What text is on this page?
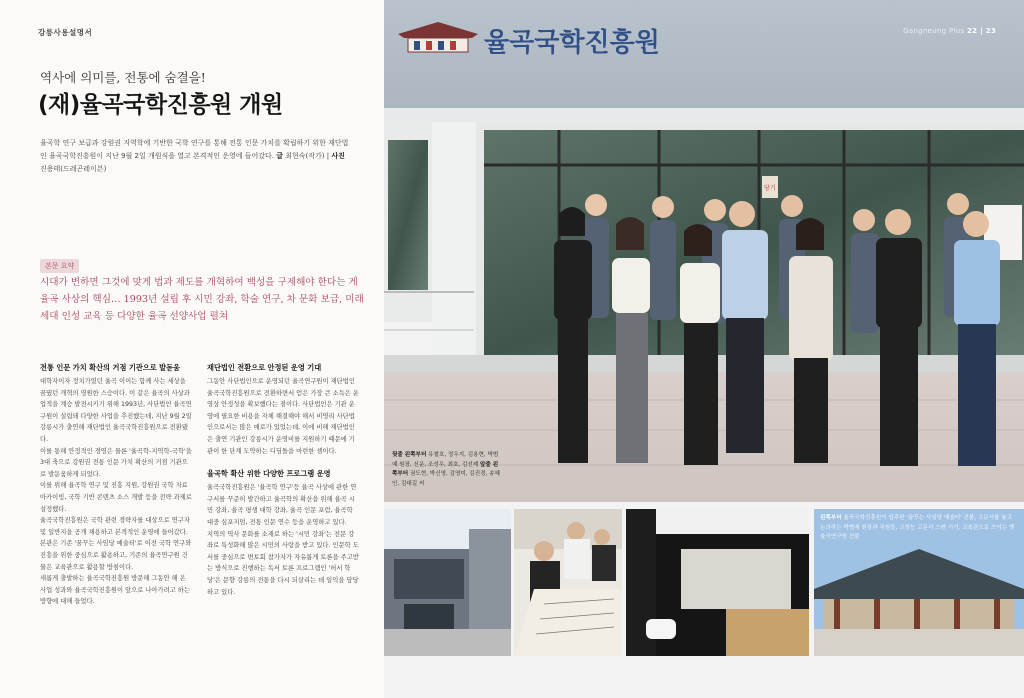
강릉사용설명서
역사에 의미를, 전통에 숨결을!
(재)율곡국학진흥원 개원
율곡학 연구 보급과 강원권 지역학에 기반한 국학 연구를 통해 전통 인문 가치를 확립하기 위한 재단법인 율곡국학진흥원이 지난 9월 2일 개원식을 열고 본격적인 운영에 들어갔다. 글 최현숙(작가) | 사진 진용태(드레곤레이븐)
본문 요약
시대가 변하면 그것에 맞게 법과 제도를 개혁하여 백성을 구제해야 한다는 게 율곡 사상의 핵심… 1993년 설립 후 시민 강좌, 학술 연구, 차 문화 보급, 미래 세대 인성 교육 등 다양한 율곡 선양사업 펼쳐
전통 인문 가치 확산의 거점 기관으로 발돋움

대학자이자 정치가였던 율곡 이이는 함께 사는 세상을 꿈꿨던 개혁의 영원한 스승이다. 이 같은 율곡의 사상과 업적을 계승 발전시키기 위해 1993년, 사단법인 율곡연구원이 설립돼 다양한 사업을 추진했는데, 지난 9월 2일 강릉시가 출연해 재단법인 율곡국학진흥원으로 전환됐다.

이를 통해 안정적인 경영은 물론 '율곡학-지역학-국학'을 3대 축으로 강원권 전통 인문 가치 확산의 거점 기관으로 발돋움하게 되었다.

이를 위해 율곡학 연구 및 진흥 지원, 강원권 국학 자료 아카이빙, 국학 기반 콘텐츠 소스 개발 등을 전략 과제로 설정했다.

율곡국학진흥원은 국학 관련 경략자를 대상으로 연구자 및 일반지을 공개 채용하고 본격적인 운영에 들어갔다. 본관은 기존 '꿈꾸는 사임당 예술터'로 이전 국학 연구와 진흥을 위한 중심으로 활용하고, 기존의 율곡연구원 건물은 교육관으로 활용할 방침이다.

새롭게 출발하는 율곡국학진흥원 방문해 그동안 해 온 사업 성과와 율곡국학진흥원이 앞으로 나아가려고 하는 방향에 대해 들었다.

재단법인 전환으로 안정된 운영 기대

그동안 사단법인으로 운영되던 율곡연구원이 재단법인 율곡국학진흥원으로 전환하면서 얻은 가장 큰 소득은 운영상 안정성을 확보했다는 점이다. 사단법인은 기관 운영에 필요한 비용을 자체 해결해야 해서 비영리 사단법인으로서는 많은 애로가 있었는데, 이에 비해 재단법인은 출연 기관인 강릉시가 운영비를 지원하기 때문에 기관이 한 단계 도약하는 디딤돌을 마련한 셈이다.

율곡학 확산 위한 다양한 프로그램 운영

율곡국학진흥원은 '율곡학 연구'등 율곡 사상에 관한 연구서를 꾸준히 발간하고 율곡학의 확산을 위해 율곡 시민 강좌, 율곡 평생 대학 강좌, 율곡 인문 포럼, 율곡학 대중 심포지엄, 전통 인문 연수 등을 운영하고 있다.

지역의 역사 문화를 소재로 하는 '시민 강좌'는 전문 강좌로 특성화해 많은 시민의 사랑을 받고 있다. 인문학 도서를 중심으로 변토회 참가자가 자유롭게 토론을 주고받는 방식으로 진행하는 독서 토론 프로그램인 '허서 학당'은 문향 강릉의 전통을 다시 되살리는 데 일익을 담당하고 있다.

율곡국학진흥원
당기
Gangneung Plus 22 | 23
뒷줄 왼쪽부터 유철호, 정우지, 김용현, 박범예 원장, 신운, 조성우, 최호, 김선제 앞줄 왼쪽부터 권도현, 박신영, 김영미, 김진경, 송혜인, 김대길 씨
왼쪽부터 율곡국학진흥원이 입주한 '꿈꾸는 사임당 예술터' 건물, 고문서를 놓고 논의하는 박범예 원장과 직원들, 고성능 고문서 스캔 기기, 교육관으로 쓰이는 옛 율곡연구원 건물
